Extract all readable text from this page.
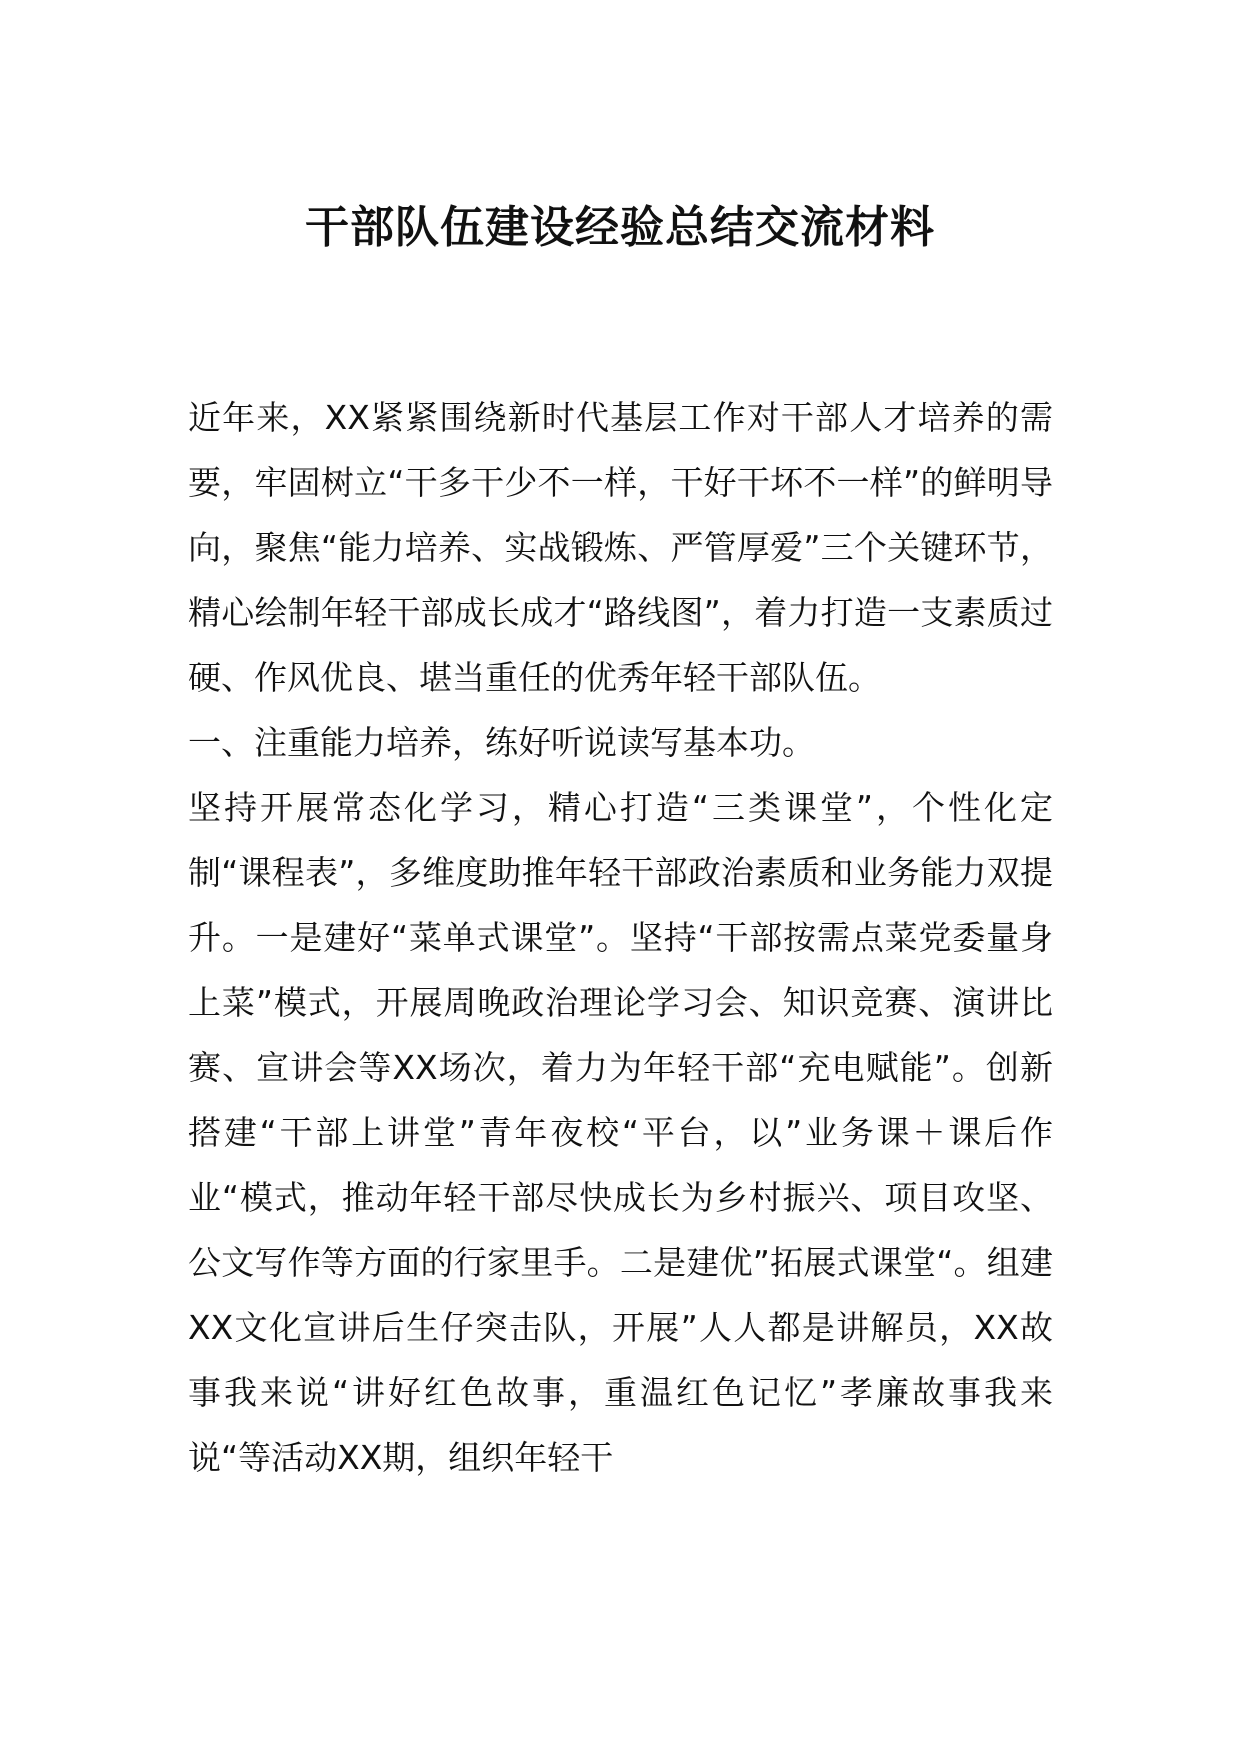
干部队伍建设经验总结交流材料

近年来，XX紧紧围绕新时代基层工作对干部人才培养的需要，牢固树立“干多干少不一样，干好干坏不一样”的鲜明导向，聚焦“能力培养、实战锻炼、严管厚爱”三个关键环节，精心绘制年轻干部成长成才“路线图”，着力打造一支素质过硬、作风优良、堪当重任的优秀年轻干部队伍。

一、注重能力培养，练好听说读写基本功。

坚持开展常态化学习，精心打造“三类课堂”，个性化定制“课程表”，多维度助推年轻干部政治素质和业务能力双提升。一是建好“菜单式课堂”。坚持“干部按需点菜党委量身上菜”模式，开展周晚政治理论学习会、知识竞赛、演讲比赛、宣讲会等XX场次，着力为年轻干部“充电赋能”。创新搭建“干部上讲堂”青年夜校“平台，以”业务课＋课后作业“模式，推动年轻干部尽快成长为乡村振兴、项目攻坚、公文写作等方面的行家里手。二是建优”拓展式课堂“。组建XX文化宣讲后生仔突击队，开展”人人都是讲解员，XX故事我来说“讲好红色故事，重温红色记忆”孝廉故事我来说“等活动XX期，组织年轻干
